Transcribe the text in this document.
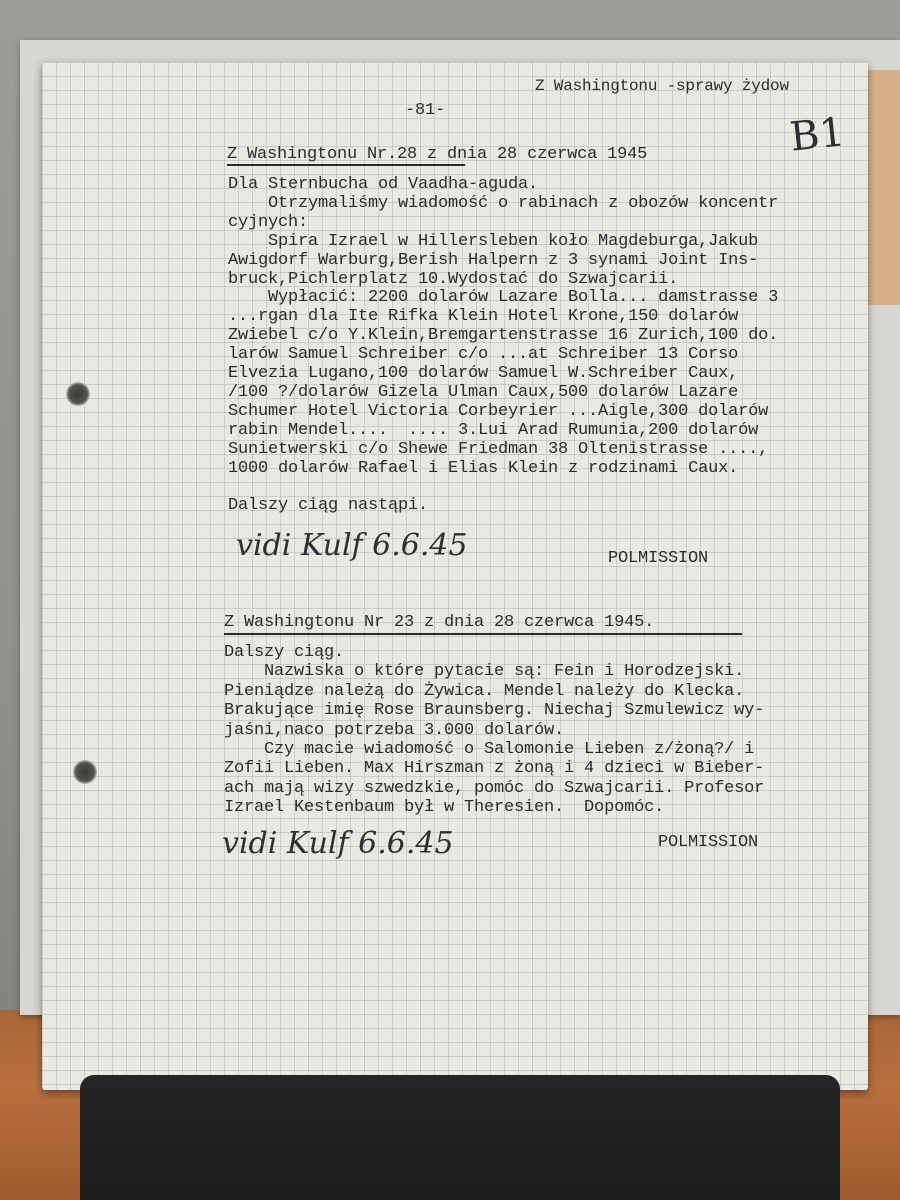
Z Washingtonu -sprawy żydow
-81-	B1
Z Washingtonu Nr.28 z dnia 28 czerwca 1945
Dla Sternbucha od Vaadha-aguda.
Otrzymaliśmy wiadomość o rabinach z obozów koncentr
cyjnych:
Spira Izrael w Hillersleben koło Magdeburga,Jakub
Awigdorf Warburg,Berish Halpern z 3 synami Joint Ins-
bruck,Pichlerplatz 10.Wydostać do Szwajcarii.
Wypłacić: 2200 dolarów Lazare Bolla... damstrasse 3
...rgan dla Ite Rifka Klein Hotel Krone,150 dolarów
Zwiebel c/o Y.Klein,Bremgartenstrasse 16 Zurich,100 do.
larów Samuel Schreiber c/o ...at Schreiber 13 Corso
Elvezia Lugano,100 dolarów Samuel W.Schreiber Caux,
/100 ?/dolarów Gizela Ulman Caux,500 dolarów Lazare
Schumer Hotel Victoria Corbeyrier ...Aigle,300 dolarów
rabin Mendel....  .... 3.Lui Arad Rumunia,200 dolarów
Sunietwerski c/o Shewe Friedman 38 Oltenistrasse ....,
1000 dolarów Rafael i Elias Klein z rodzinami Caux.
Dalszy ciąg nastąpi.
vidi Kulf 6.6.45	POLMISSION
Z Washingtonu Nr 23 z dnia 28 czerwca 1945.
Dalszy ciąg.
Nazwiska o które pytacie są: Fein i Horodzejski.
Pieniądze należą do Żywica. Mendel należy do Klecka.
Brakujące imię Rose Braunsberg. Niechaj Szmulewicz wy-
jaśni,naco potrzeba 3.000 dolarów.
Czy macie wiadomość o Salomonie Lieben z/żoną?/ i
Zofii Lieben. Max Hirszman z żoną i 4 dzieci w Bieber-
ach mają wizy szwedzkie, pomóc do Szwajcarii. Profesor
Izrael Kestenbaum był w Theresien.  Dopomóc.
vidi Kulf 6.6.45	POLMISSION
